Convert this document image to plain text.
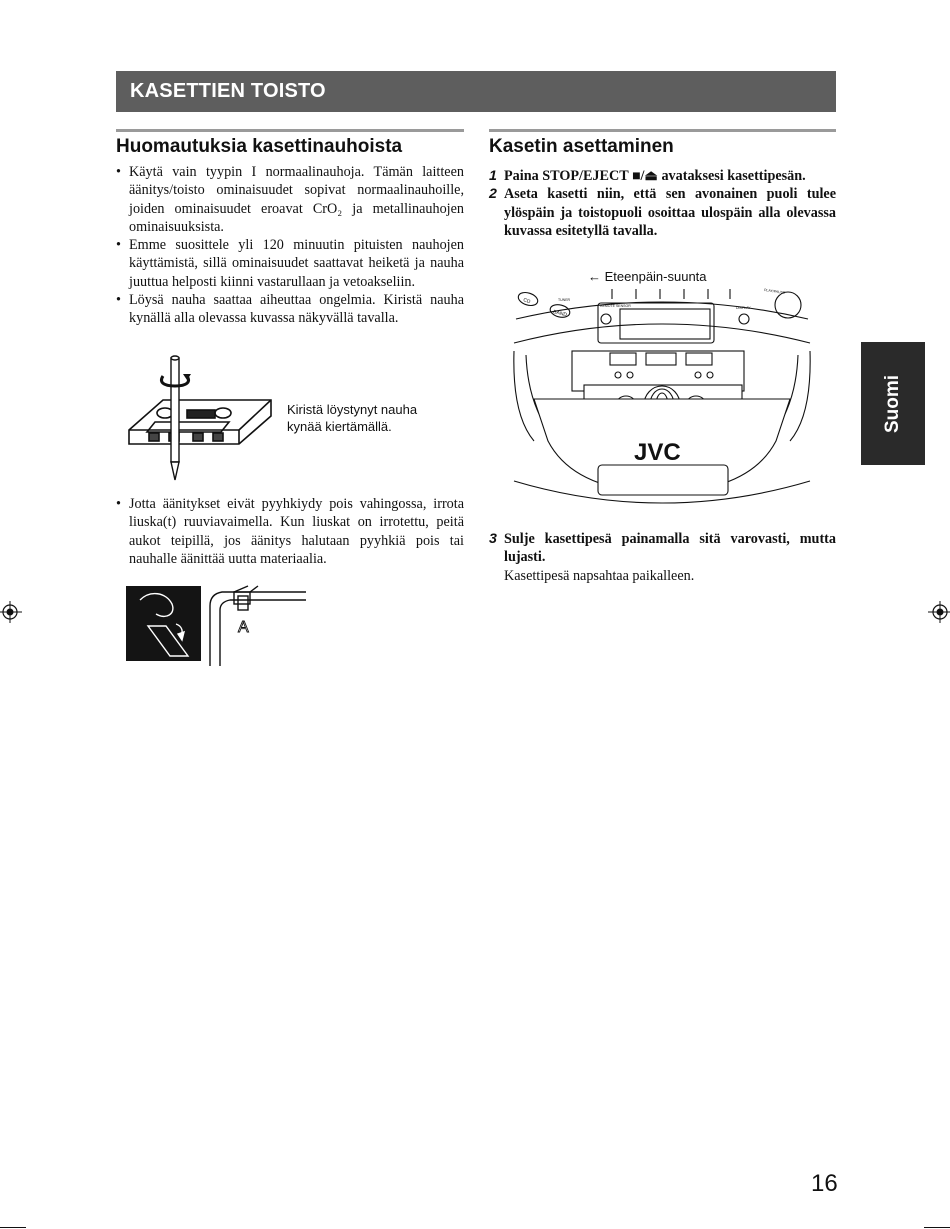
KASETTIEN TOISTO
Huomautuksia kasettinauhoista

• Käytä vain tyypin I normaalinauhoja. Tämän laitteen äänitys/toisto ominaisuudet sopivat normaalinauhoille, joiden ominaisuudet eroavat CrO₂ ja metallinauhojen ominaisuuksista.

• Emme suosittele yli 120 minuutin pituisten nauhojen käyttämistä, sillä ominaisuudet saattavat heiketä ja nauha juuttua helposti kiinni vastarullaan ja vetoakseliin.

• Löysä nauha saattaa aiheuttaa ongelmia. Kiristä nauha kynällä alla olevassa kuvassa näkyvällä tavalla.

Kiristä löystynyt nauha
kynää kiertämällä.

• Jotta äänitykset eivät pyyhkiydy pois vahingossa, irrota liuska(t) ruuviavaimella. Kun liuskat on irrotettu, peitä aukot teipillä, jos äänitys halutaan pyyhkiä pois tai nauhalle äänittää uutta materiaalia.

A
Kasetin asettaminen

1 Paina STOP/EJECT ■/⏏ avataksesi kasettipesän.

2 Aseta kasetti niin, että sen avonainen puoli tulee ylöspäin ja toistopuoli osoittaa ulospäin alla olevassa kuvassa esitetyllä tavalla.

← Eteenpäin-suunta
CD	TUNER
BAND
REMOTE SENSOR	DISPLAY
PLAY/PAUSE
JVC

3 Sulje kasettipesä painamalla sitä varovasti, mutta lujasti.

Kasettipesä napsahtaa paikalleen.

Suomi
16
